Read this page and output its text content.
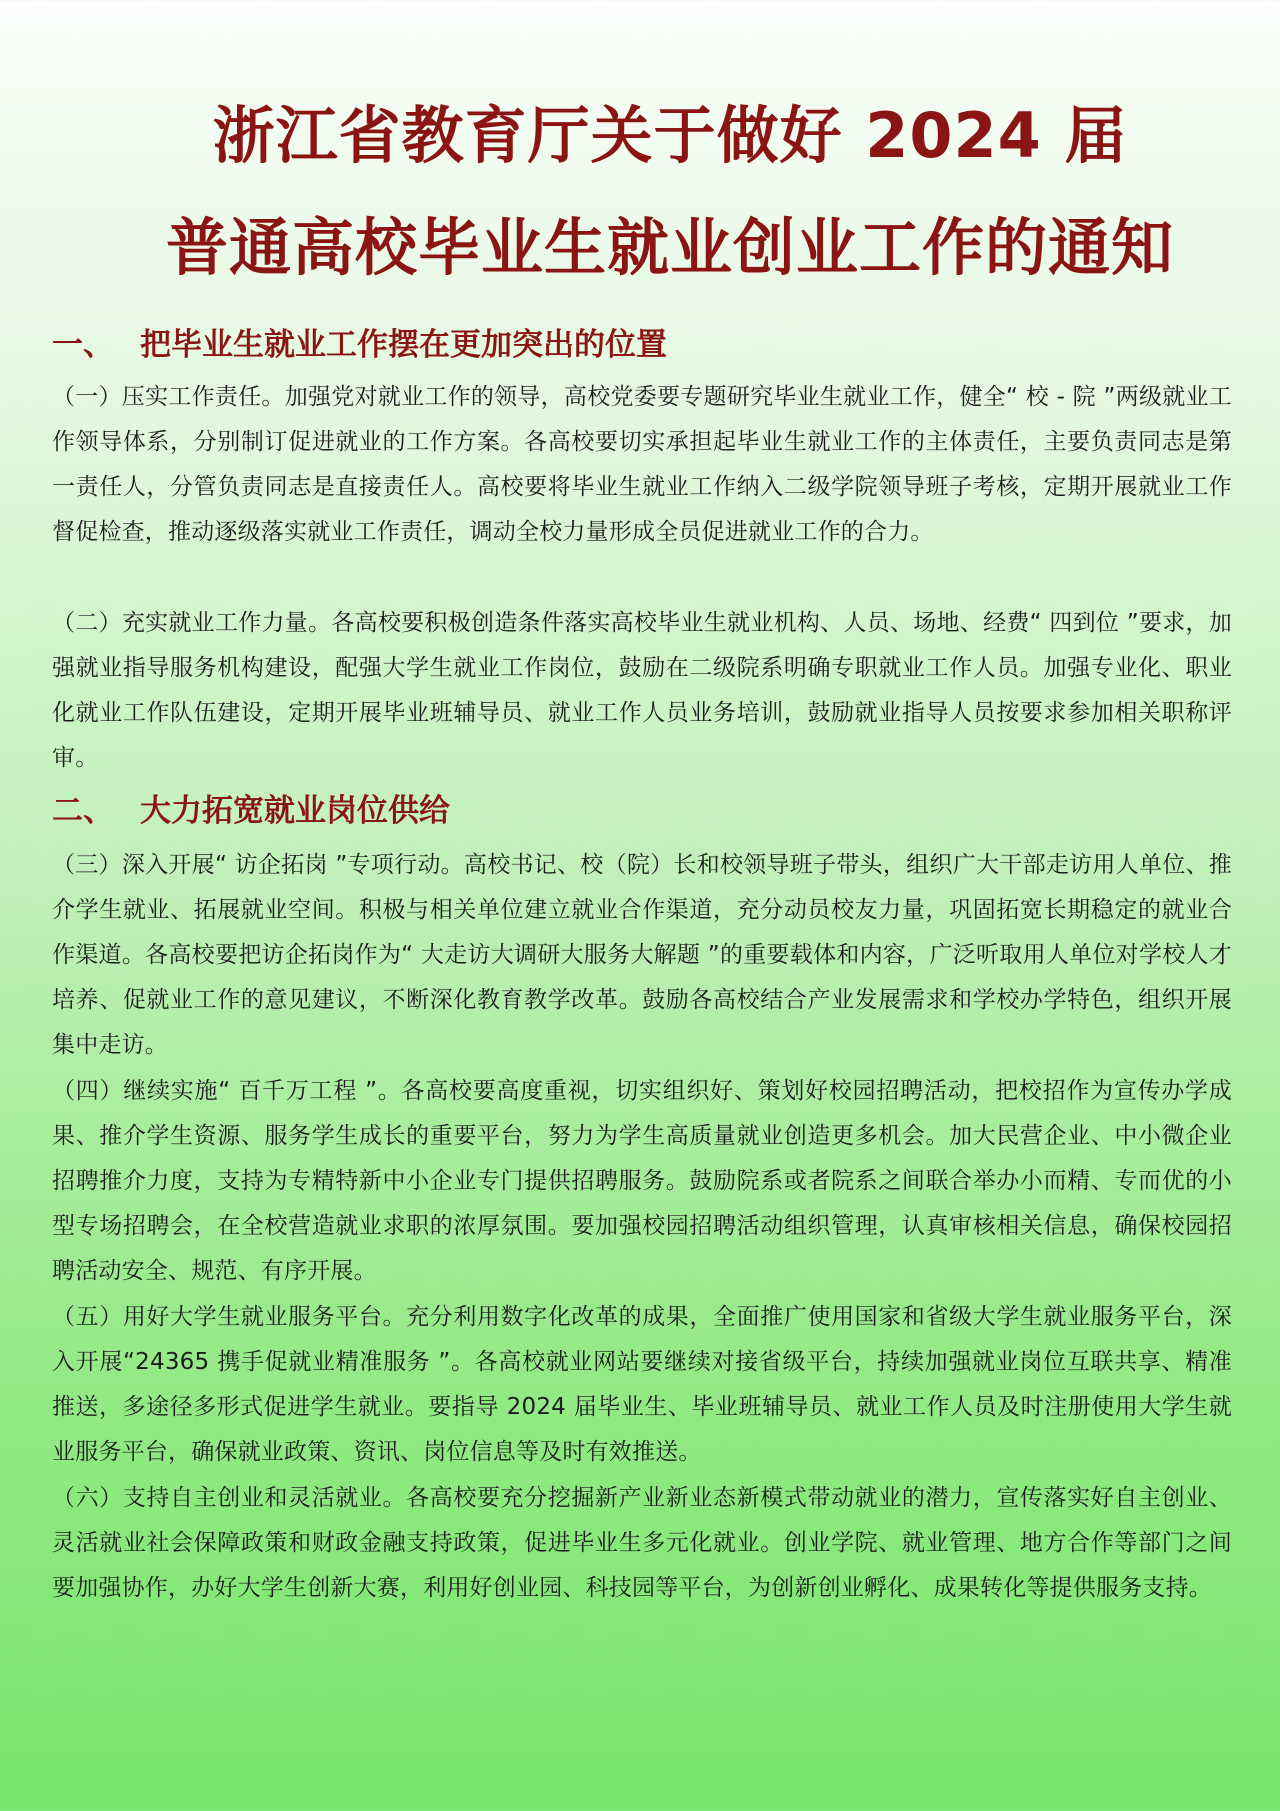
浙江省教育厅关于做好 2024 届
普通高校毕业生就业创业工作的通知
一、 把毕业生就业工作摆在更加突出的位置
（一）压实工作责任。加强党对就业工作的领导，高校党委要专题研究毕业生就业工作，健全“ 校 - 院 ”两级就业工作领导体系，分别制订促进就业的工作方案。各高校要切实承担起毕业生就业工作的主体责任，主要负责同志是第一责任人，分管负责同志是直接责任人。高校要将毕业生就业工作纳入二级学院领导班子考核，定期开展就业工作督促检查，推动逐级落实就业工作责任，调动全校力量形成全员促进就业工作的合力。
（二）充实就业工作力量。各高校要积极创造条件落实高校毕业生就业机构、人员、场地、经费“ 四到位 ”要求，加强就业指导服务机构建设，配强大学生就业工作岗位，鼓励在二级院系明确专职就业工作人员。加强专业化、职业化就业工作队伍建设，定期开展毕业班辅导员、就业工作人员业务培训，鼓励就业指导人员按要求参加相关职称评审。
二、 大力拓宽就业岗位供给
（三）深入开展“ 访企拓岗 ”专项行动。高校书记、校（院）长和校领导班子带头，组织广大干部走访用人单位、推介学生就业、拓展就业空间。积极与相关单位建立就业合作渠道，充分动员校友力量，巩固拓宽长期稳定的就业合作渠道。各高校要把访企拓岗作为“ 大走访大调研大服务大解题 ”的重要载体和内容，广泛听取用人单位对学校人才培养、促就业工作的意见建议，不断深化教育教学改革。鼓励各高校结合产业发展需求和学校办学特色，组织开展集中走访。
（四）继续实施“ 百千万工程 ”。各高校要高度重视，切实组织好、策划好校园招聘活动，把校招作为宣传办学成果、推介学生资源、服务学生成长的重要平台，努力为学生高质量就业创造更多机会。加大民营企业、中小微企业招聘推介力度，支持为专精特新中小企业专门提供招聘服务。鼓励院系或者院系之间联合举办小而精、专而优的小型专场招聘会，在全校营造就业求职的浓厚氛围。要加强校园招聘活动组织管理，认真审核相关信息，确保校园招聘活动安全、规范、有序开展。
（五）用好大学生就业服务平台。充分利用数字化改革的成果，全面推广使用国家和省级大学生就业服务平台，深入开展“24365 携手促就业精准服务 ”。各高校就业网站要继续对接省级平台，持续加强就业岗位互联共享、精准推送，多途径多形式促进学生就业。要指导 2024 届毕业生、毕业班辅导员、就业工作人员及时注册使用大学生就业服务平台，确保就业政策、资讯、岗位信息等及时有效推送。
（六）支持自主创业和灵活就业。各高校要充分挖掘新产业新业态新模式带动就业的潜力，宣传落实好自主创业、灵活就业社会保障政策和财政金融支持政策，促进毕业生多元化就业。创业学院、就业管理、地方合作等部门之间要加强协作，办好大学生创新大赛，利用好创业园、科技园等平台，为创新创业孵化、成果转化等提供服务支持。
